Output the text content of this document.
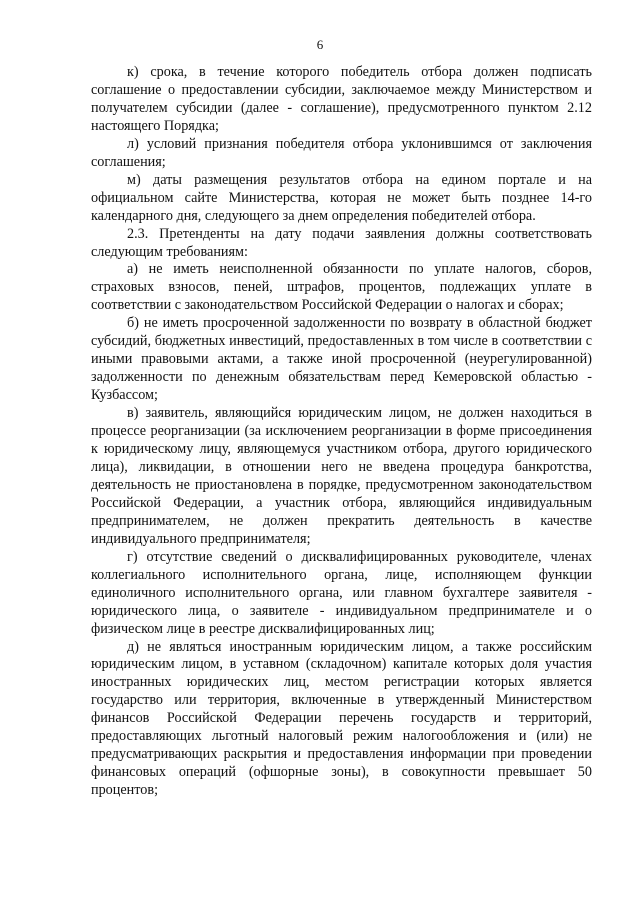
6

к) срока, в течение которого победитель отбора должен подписать соглашение о предоставлении субсидии, заключаемое между Министерством и получателем субсидии (далее - соглашение), предусмотренного пунктом 2.12 настоящего Порядка;

л) условий признания победителя отбора уклонившимся от заключения соглашения;

м) даты размещения результатов отбора на едином портале и на официальном сайте Министерства, которая не может быть позднее 14-го календарного дня, следующего за днем определения победителей отбора.

2.3. Претенденты на дату подачи заявления должны соответствовать следующим требованиям:

а) не иметь неисполненной обязанности по уплате налогов, сборов, страховых взносов, пеней, штрафов, процентов, подлежащих уплате в соответствии с законодательством Российской Федерации о налогах и сборах;

б) не иметь просроченной задолженности по возврату в областной бюджет субсидий, бюджетных инвестиций, предоставленных в том числе в соответствии с иными правовыми актами, а также иной просроченной (неурегулированной) задолженности по денежным обязательствам перед Кемеровской областью - Кузбассом;

в) заявитель, являющийся юридическим лицом, не должен находиться в процессе реорганизации (за исключением реорганизации в форме присоединения к юридическому лицу, являющемуся участником отбора, другого юридического лица), ликвидации, в отношении него не введена процедура банкротства, деятельность не приостановлена в порядке, предусмотренном законодательством Российской Федерации, а участник отбора, являющийся индивидуальным предпринимателем, не должен прекратить деятельность в качестве индивидуального предпринимателя;

г) отсутствие сведений о дисквалифицированных руководителе, членах коллегиального исполнительного органа, лице, исполняющем функции единоличного исполнительного органа, или главном бухгалтере заявителя - юридического лица, о заявителе - индивидуальном предпринимателе и о физическом лице в реестре дисквалифицированных лиц;

д) не являться иностранным юридическим лицом, а также российским юридическим лицом, в уставном (складочном) капитале которых доля участия иностранных юридических лиц, местом регистрации которых является государство или территория, включенные в утвержденный Министерством финансов Российской Федерации перечень государств и территорий, предоставляющих льготный налоговый режим налогообложения и (или) не предусматривающих раскрытия и предоставления информации при проведении финансовых операций (офшорные зоны), в совокупности превышает 50 процентов;
